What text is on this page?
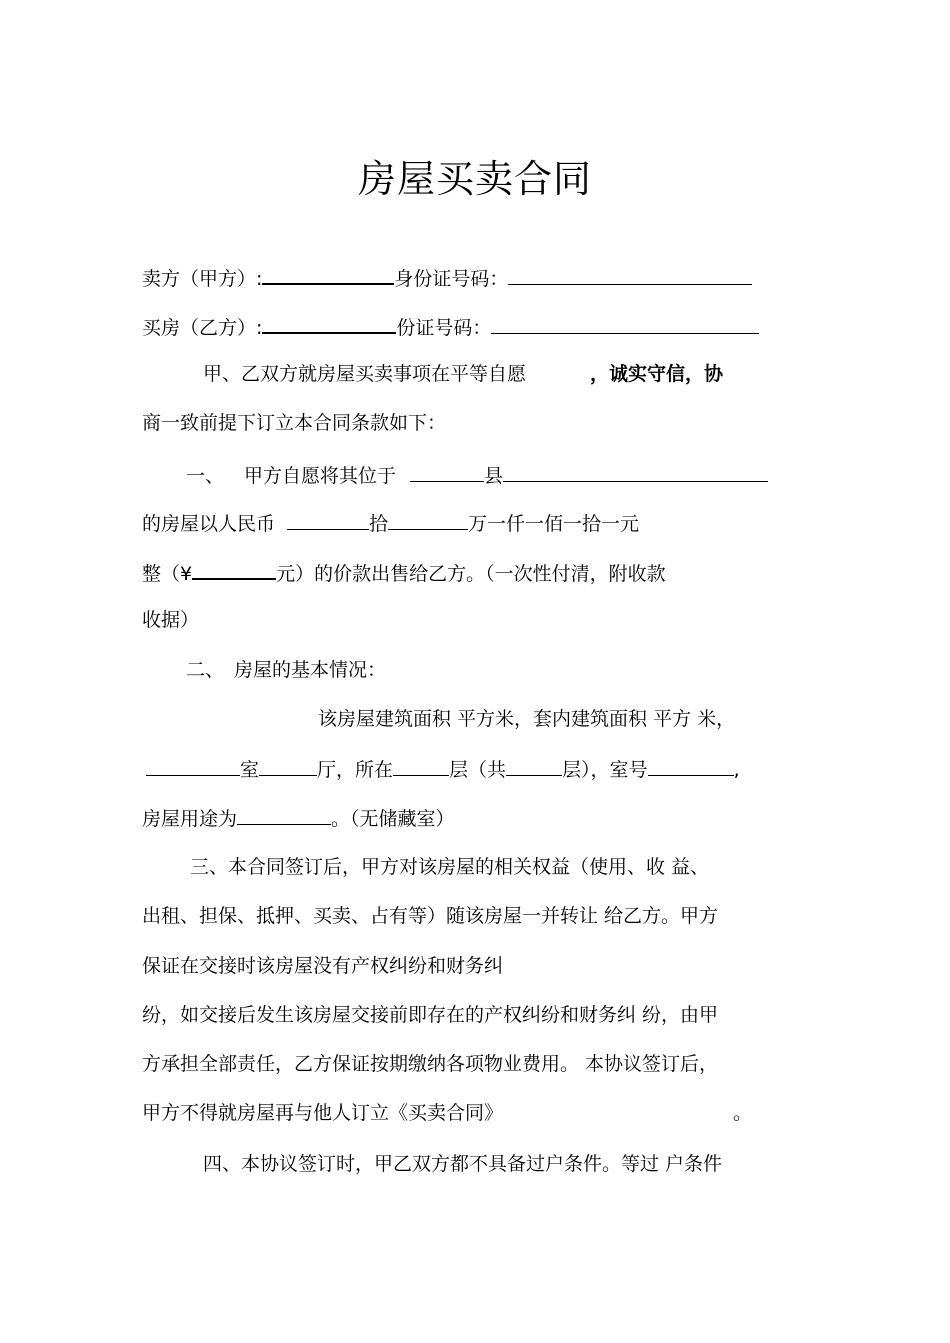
房屋买卖合同
卖方（甲方）:	身份证号码：
买房（乙方）:	份证号码：
甲、乙双方就房屋买卖事项在平等自愿	，诚实守信，协
商一致前提下订立本合同条款如下：
一、 甲方自愿将其位于	县
的房屋以人民币	拾	万一仟一佰一拾一元
整（¥	元）的价款出售给乙方。（一次性付清，附收款
收据）
二、 房屋的基本情况：
该房屋建筑面积 平方米，套内建筑面积 平方 米，
室	厅，所在	层（共	层），室号	,
房屋用途为	。（无储藏室）
三、本合同签订后，甲方对该房屋的相关权益（使用、收 益、
出租、担保、抵押、买卖、占有等）随该房屋一并转让 给乙方。甲方
保证在交接时该房屋没有产权纠纷和财务纠
纷，如交接后发生该房屋交接前即存在的产权纠纷和财务纠 纷，由甲
方承担全部责任，乙方保证按期缴纳各项物业费用。 本协议签订后，
甲方不得就房屋再与他人订立《买卖合同》	。
四、本协议签订时，甲乙双方都不具备过户条件。等过 户条件
